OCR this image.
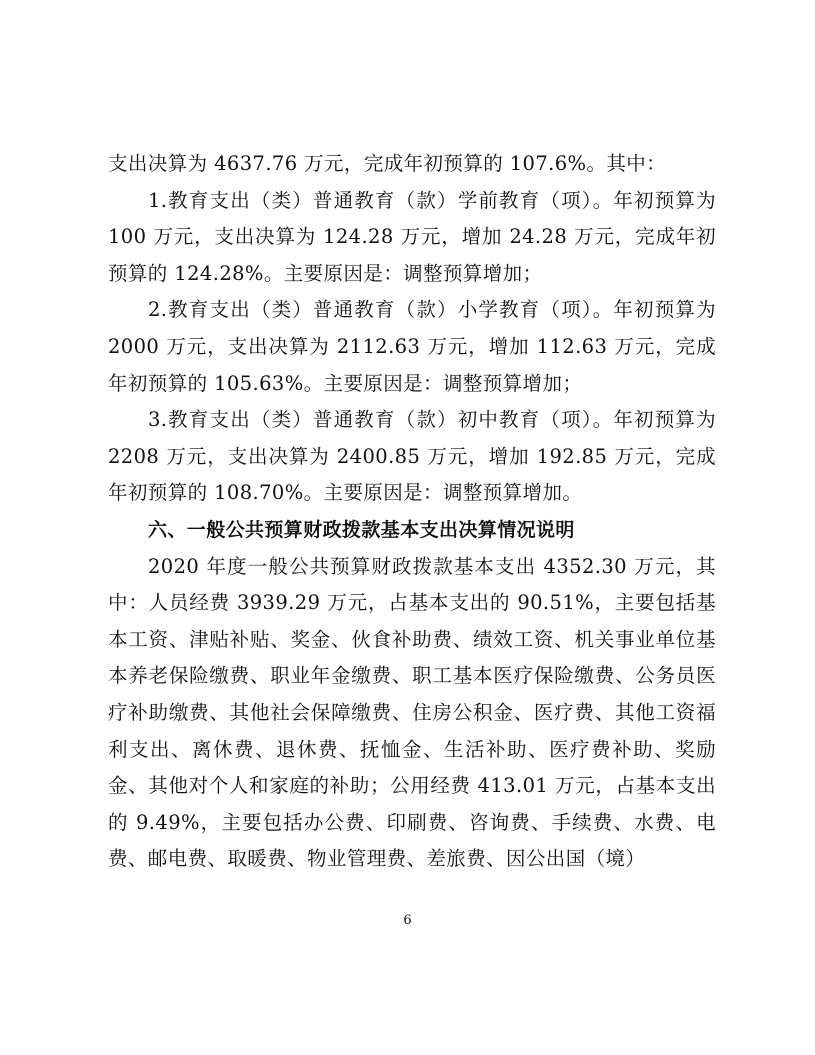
支出决算为 4637.76 万元，完成年初预算的 107.6%。其中：

1.教育支出（类）普通教育（款）学前教育（项）。年初预算为 100 万元，支出决算为 124.28 万元，增加 24.28 万元，完成年初预算的 124.28%。主要原因是：调整预算增加；

2.教育支出（类）普通教育（款）小学教育（项）。年初预算为 2000 万元，支出决算为 2112.63 万元，增加 112.63 万元，完成年初预算的 105.63%。主要原因是：调整预算增加；

3.教育支出（类）普通教育（款）初中教育（项）。年初预算为 2208 万元，支出决算为 2400.85 万元，增加 192.85 万元，完成年初预算的 108.70%。主要原因是：调整预算增加。

六、一般公共预算财政拨款基本支出决算情况说明

2020 年度一般公共预算财政拨款基本支出 4352.30 万元，其中：人员经费 3939.29 万元，占基本支出的 90.51%，主要包括基本工资、津贴补贴、奖金、伙食补助费、绩效工资、机关事业单位基本养老保险缴费、职业年金缴费、职工基本医疗保险缴费、公务员医疗补助缴费、其他社会保障缴费、住房公积金、医疗费、其他工资福利支出、离休费、退休费、抚恤金、生活补助、医疗费补助、奖励金、其他对个人和家庭的补助；公用经费 413.01 万元，占基本支出的 9.49%，主要包括办公费、印刷费、咨询费、手续费、水费、电费、邮电费、取暖费、物业管理费、差旅费、因公出国（境）

6
